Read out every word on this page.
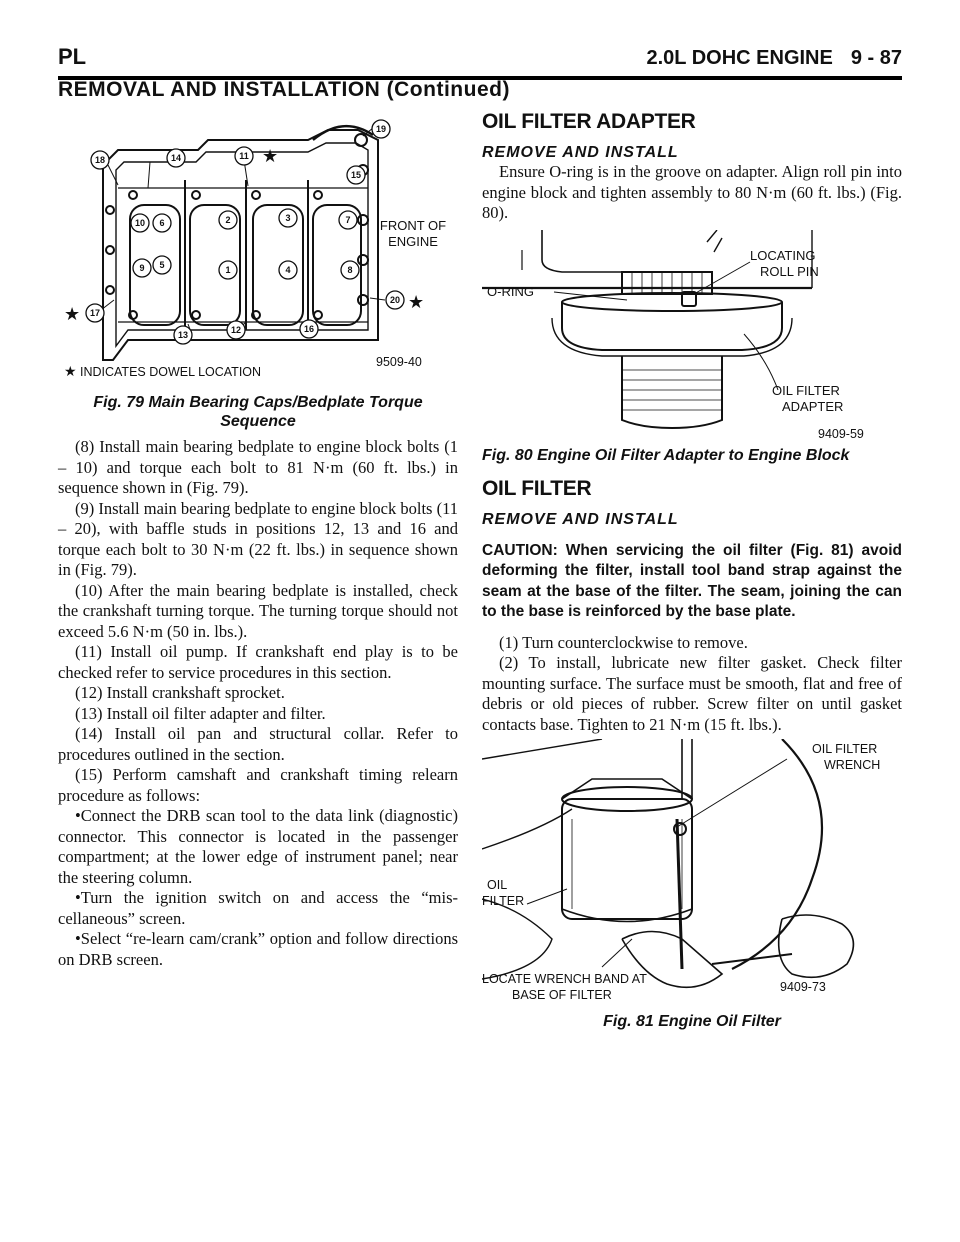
PL	2.0L DOHC ENGINE 9 - 87
REMOVAL AND INSTALLATION (Continued)
18	14	11
19
15
10 6	2	3	7
9 5	1	4	8
17
20
13	12	16
★
★
★
★
FRONT OF
ENGINE
INDICATES DOWEL LOCATION
9509-40
Fig. 79 Main Bearing Caps/Bedplate Torque
Sequence

(8) Install main bearing bedplate to engine block bolts (1 – 10) and torque each bolt to 81 N·m (60 ft. lbs.) in sequence shown in (Fig. 79).

(9) Install main bearing bedplate to engine block bolts (11 – 20), with baffle studs in positions 12, 13 and 16 and torque each bolt to 30 N·m (22 ft. lbs.) in sequence shown in (Fig. 79).

(10) After the main bearing bedplate is installed, check the crankshaft turning torque. The turning torque should not exceed 5.6 N·m (50 in. lbs.).

(11) Install oil pump. If crankshaft end play is to be checked refer to service procedures in this section.

(12) Install crankshaft sprocket.

(13) Install oil filter adapter and filter.

(14) Install oil pan and structural collar. Refer to procedures outlined in the section.

(15) Perform camshaft and crankshaft timing relearn procedure as follows:

•Connect the DRB scan tool to the data link (diagnostic) connector. This connector is located in the passenger compartment; at the lower edge of instrument panel; near the steering column.

•Turn the ignition switch on and access the “mis- cellaneous” screen.

•Select “re-learn cam/crank” option and follow directions on DRB screen.

OIL FILTER ADAPTER
REMOVE AND INSTALL

Ensure O-ring is in the groove on adapter. Align roll pin into engine block and tighten assembly to 80 N·m (60 ft. lbs.) (Fig. 80).

LOCATING
ROLL PIN
O-RING
OIL FILTER
ADAPTER
9409-59
Fig. 80 Engine Oil Filter Adapter to Engine Block
OIL FILTER
REMOVE AND INSTALL
CAUTION: When servicing the oil filter (Fig. 81) avoid deforming the filter, install tool band strap against the seam at the base of the filter. The seam, joining the can to the base is reinforced by the base plate.

(1) Turn counterclockwise to remove.

(2) To install, lubricate new filter gasket. Check filter mounting surface. The surface must be smooth, flat and free of debris or old pieces of rubber. Screw filter on until gasket contacts base. Tighten to 21 N·m (15 ft. lbs.).

OIL FILTER
WRENCH
OIL
FILTER
LOCATE WRENCH BAND AT
BASE OF FILTER
9409-73
Fig. 81 Engine Oil Filter
